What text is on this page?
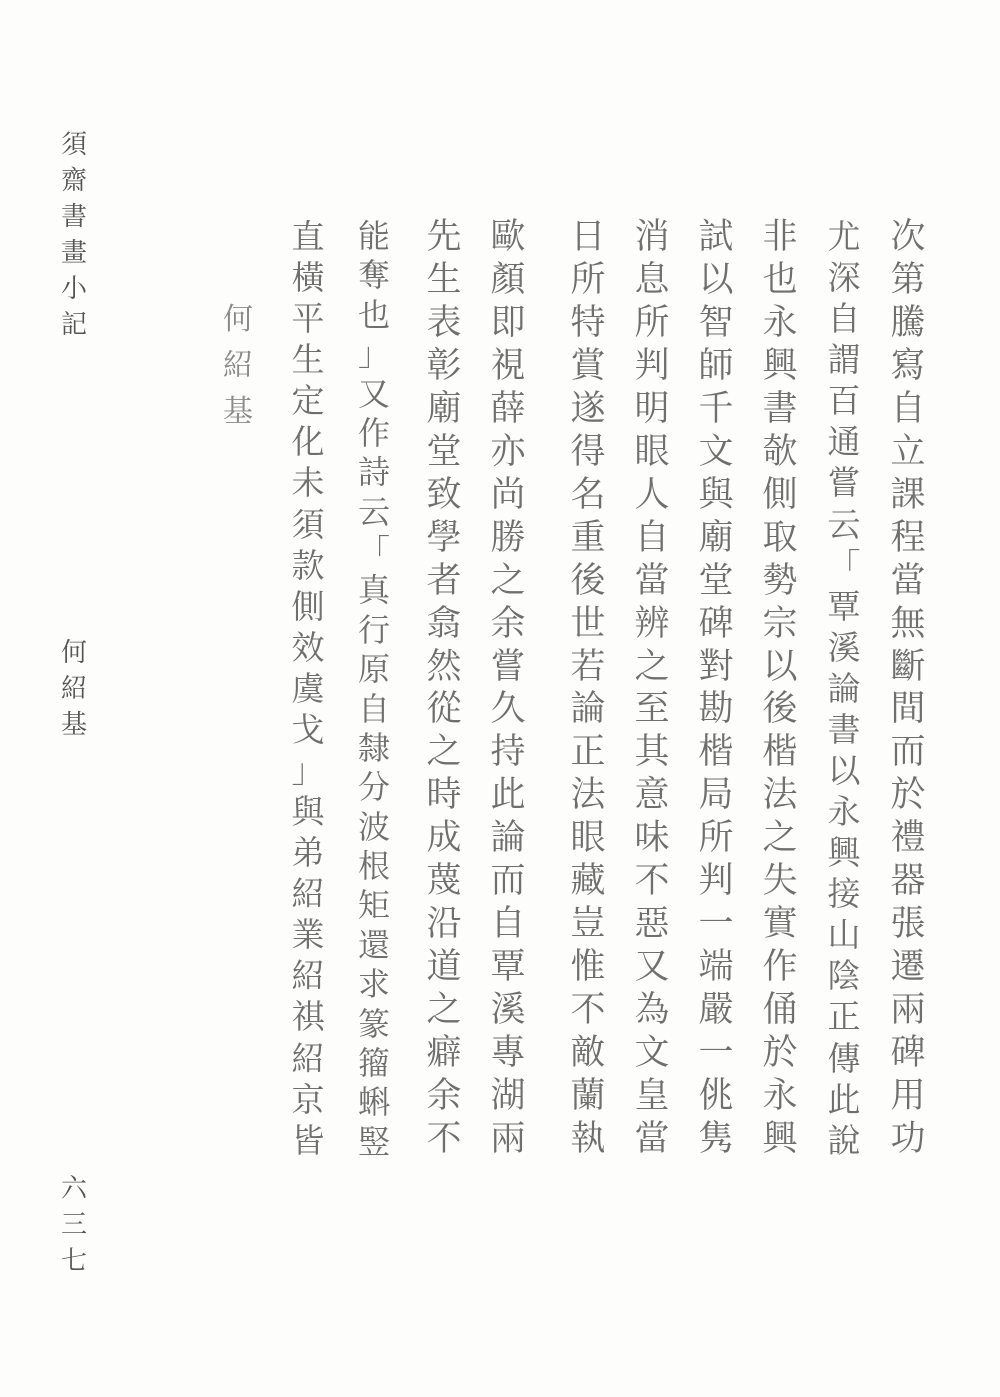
須
齋
書
畫
小
記
何
紹
基
六
三
七
次
第
騰
寫
自
立
課
程
當
無
斷
間
而
於
禮
器
張
遷
兩
碑
用
功
尤
深
自
謂
百
通
嘗
云
「
覃
溪
論
書
以
永
興
接
山
陰
正
傳
此
說
非
也
永
興
書
欹
側
取
勢
宗
以
後
楷
法
之
失
實
作
俑
於
永
興
試
以
智
師
千
文
與
廟
堂
碑
對
勘
楷
局
所
判
一
端
嚴
一
佻
隽
消
息
所
判
明
眼
人
自
當
辨
之
至
其
意
味
不
惡
又
為
文
皇
當
日
所
特
賞
遂
得
名
重
後
世
若
論
正
法
眼
藏
豈
惟
不
敵
蘭
執
歐
顏
即
視
薛
亦
尚
勝
之
余
嘗
久
持
此
論
而
自
覃
溪
專
湖
兩
先
生
表
彰
廟
堂
致
學
者
翕
然
從
之
時
成
蔑
沿
道
之
癖
余
不
能
奪
也
」
又
作
詩
云
「
真
行
原
自
隸
分
波
根
矩
還
求
篆
籀
蝌
竪
直
橫
平
生
定
化
未
須
款
側
效
虞
戈
」
與
弟
紹
業
紹
祺
紹
京
皆
何
紹
基
